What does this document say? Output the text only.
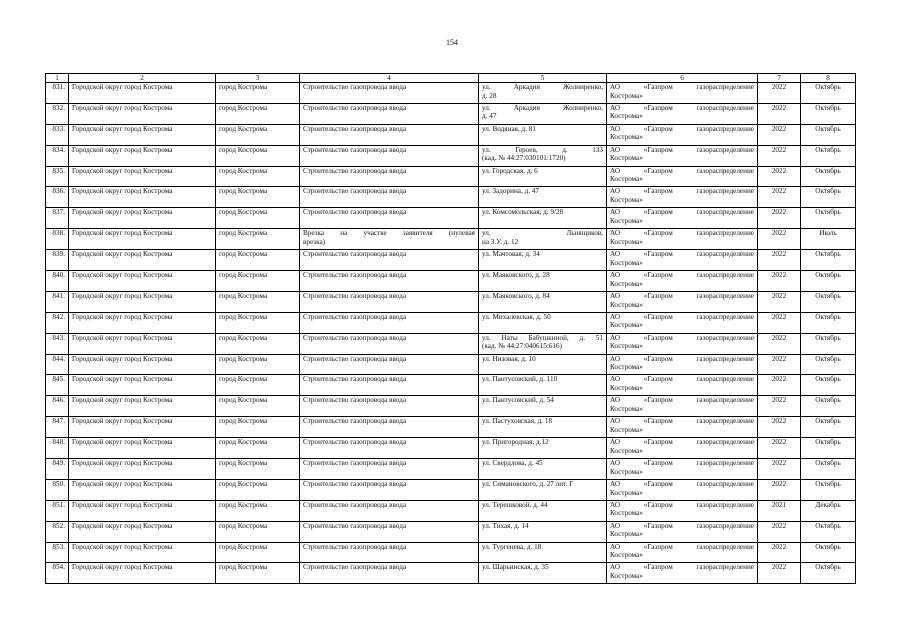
154
1	2	3	4	5	6	7	8
831.	Городской округ город Кострома	город Кострома	Строительство газопровода ввода	ул. Аркадия Жолниренко,
д. 28	АО «Газпром газораспределение
Кострома»	2022	Октябрь
832.	Городской округ город Кострома	город Кострома	Строительство газопровода ввода	ул. Аркадия Жолниренко,
д. 47	АО «Газпром газораспределение
Кострома»	2022	Октябрь
833.	Городской округ город Кострома	город Кострома	Строительство газопровода ввода	ул. Водяная, д. 81	АО «Газпром газораспределение
Кострома»	2022	Октябрь
834.	Городской округ город Кострома	город Кострома	Строительство газопровода ввода	ул. Героев, д. 133
(кад. № 44:27:030101:1720)	АО «Газпром газораспределение
Кострома»	2022	Октябрь
835.	Городской округ город Кострома	город Кострома	Строительство газопровода ввода	ул. Городская, д. 6	АО «Газпром газораспределение
Кострома»	2022	Октябрь
836.	Городской округ город Кострома	город Кострома	Строительство газопровода ввода	ул. Задорина, д. 47	АО «Газпром газораспределение
Кострома»	2022	Октябрь
837.	Городской округ город Кострома	город Кострома	Строительство газопровода ввода	ул. Комсомольская, д. 9/28	АО «Газпром газораспределение
Кострома»	2022	Октябрь
838.	Городской округ город Кострома	город Кострома	Врезка на участке заявителя (нулевая
врезка)	ул. Льнящиков,
на З.У. д. 12	АО «Газпром газораспределение
Кострома»	2022	Июль
839.	Городской округ город Кострома	город Кострома	Строительство газопровода ввода	ул. Мачтовая, д. 34	АО «Газпром газораспределение
Кострома»	2022	Октябрь
840.	Городской округ город Кострома	город Кострома	Строительство газопровода ввода	ул. Маяковского, д. 28	АО «Газпром газораспределение
Кострома»	2022	Октябрь
841.	Городской округ город Кострома	город Кострома	Строительство газопровода ввода	ул. Маяковского, д. 84	АО «Газпром газораспределение
Кострома»	2022	Октябрь
842.	Городской округ город Кострома	город Кострома	Строительство газопровода ввода	ул. Михалевская, д. 50	АО «Газпром газораспределение
Кострома»	2022	Октябрь
843.	Городской округ город Кострома	город Кострома	Строительство газопровода ввода	ул. Наты Бабушкиной, д. 51
(кад. № 44:27:040615:616)	АО «Газпром газораспределение
Кострома»	2022	Октябрь
844.	Городской округ город Кострома	город Кострома	Строительство газопровода ввода	ул. Низовая, д. 10	АО «Газпром газораспределение
Кострома»	2022	Октябрь
845.	Городской округ город Кострома	город Кострома	Строительство газопровода ввода	ул. Пантусовский, д. 110	АО «Газпром газораспределение
Кострома»	2022	Октябрь
846.	Городской округ город Кострома	город Кострома	Строительство газопровода ввода	ул. Пантусовский, д. 54	АО «Газпром газораспределение
Кострома»	2022	Октябрь
847.	Городской округ город Кострома	город Кострома	Строительство газопровода ввода	ул. Пастуховская, д. 18	АО «Газпром газораспределение
Кострома»	2022	Октябрь
848.	Городской округ город Кострома	город Кострома	Строительство газопровода ввода	ул. Пригородная, д.12	АО «Газпром газораспределение
Кострома»	2022	Октябрь
849.	Городской округ город Кострома	город Кострома	Строительство газопровода ввода	ул. Свердлова, д. 45	АО «Газпром газораспределение
Кострома»	2022	Октябрь
850.	Городской округ город Кострома	город Кострома	Строительство газопровода ввода	ул. Симановского, д. 27 лит. Г	АО «Газпром газораспределение
Кострома»	2022	Октябрь
851.	Городской округ город Кострома	город Кострома	Строительство газопровода ввода	ул. Терешковой, д. 44	АО «Газпром газораспределение
Кострома»	2021	Декабрь
852.	Городской округ город Кострома	город Кострома	Строительство газопровода ввода	ул. Тихая, д. 14	АО «Газпром газораспределение
Кострома»	2022	Октябрь
853.	Городской округ город Кострома	город Кострома	Строительство газопровода ввода	ул. Тургенева, д. 18	АО «Газпром газораспределение
Кострома»	2022	Октябрь
854.	Городской округ город Кострома	город Кострома	Строительство газопровода ввода	ул. Шарьинская, д. 35	АО «Газпром газораспределение
Кострома»	2022	Октябрь
